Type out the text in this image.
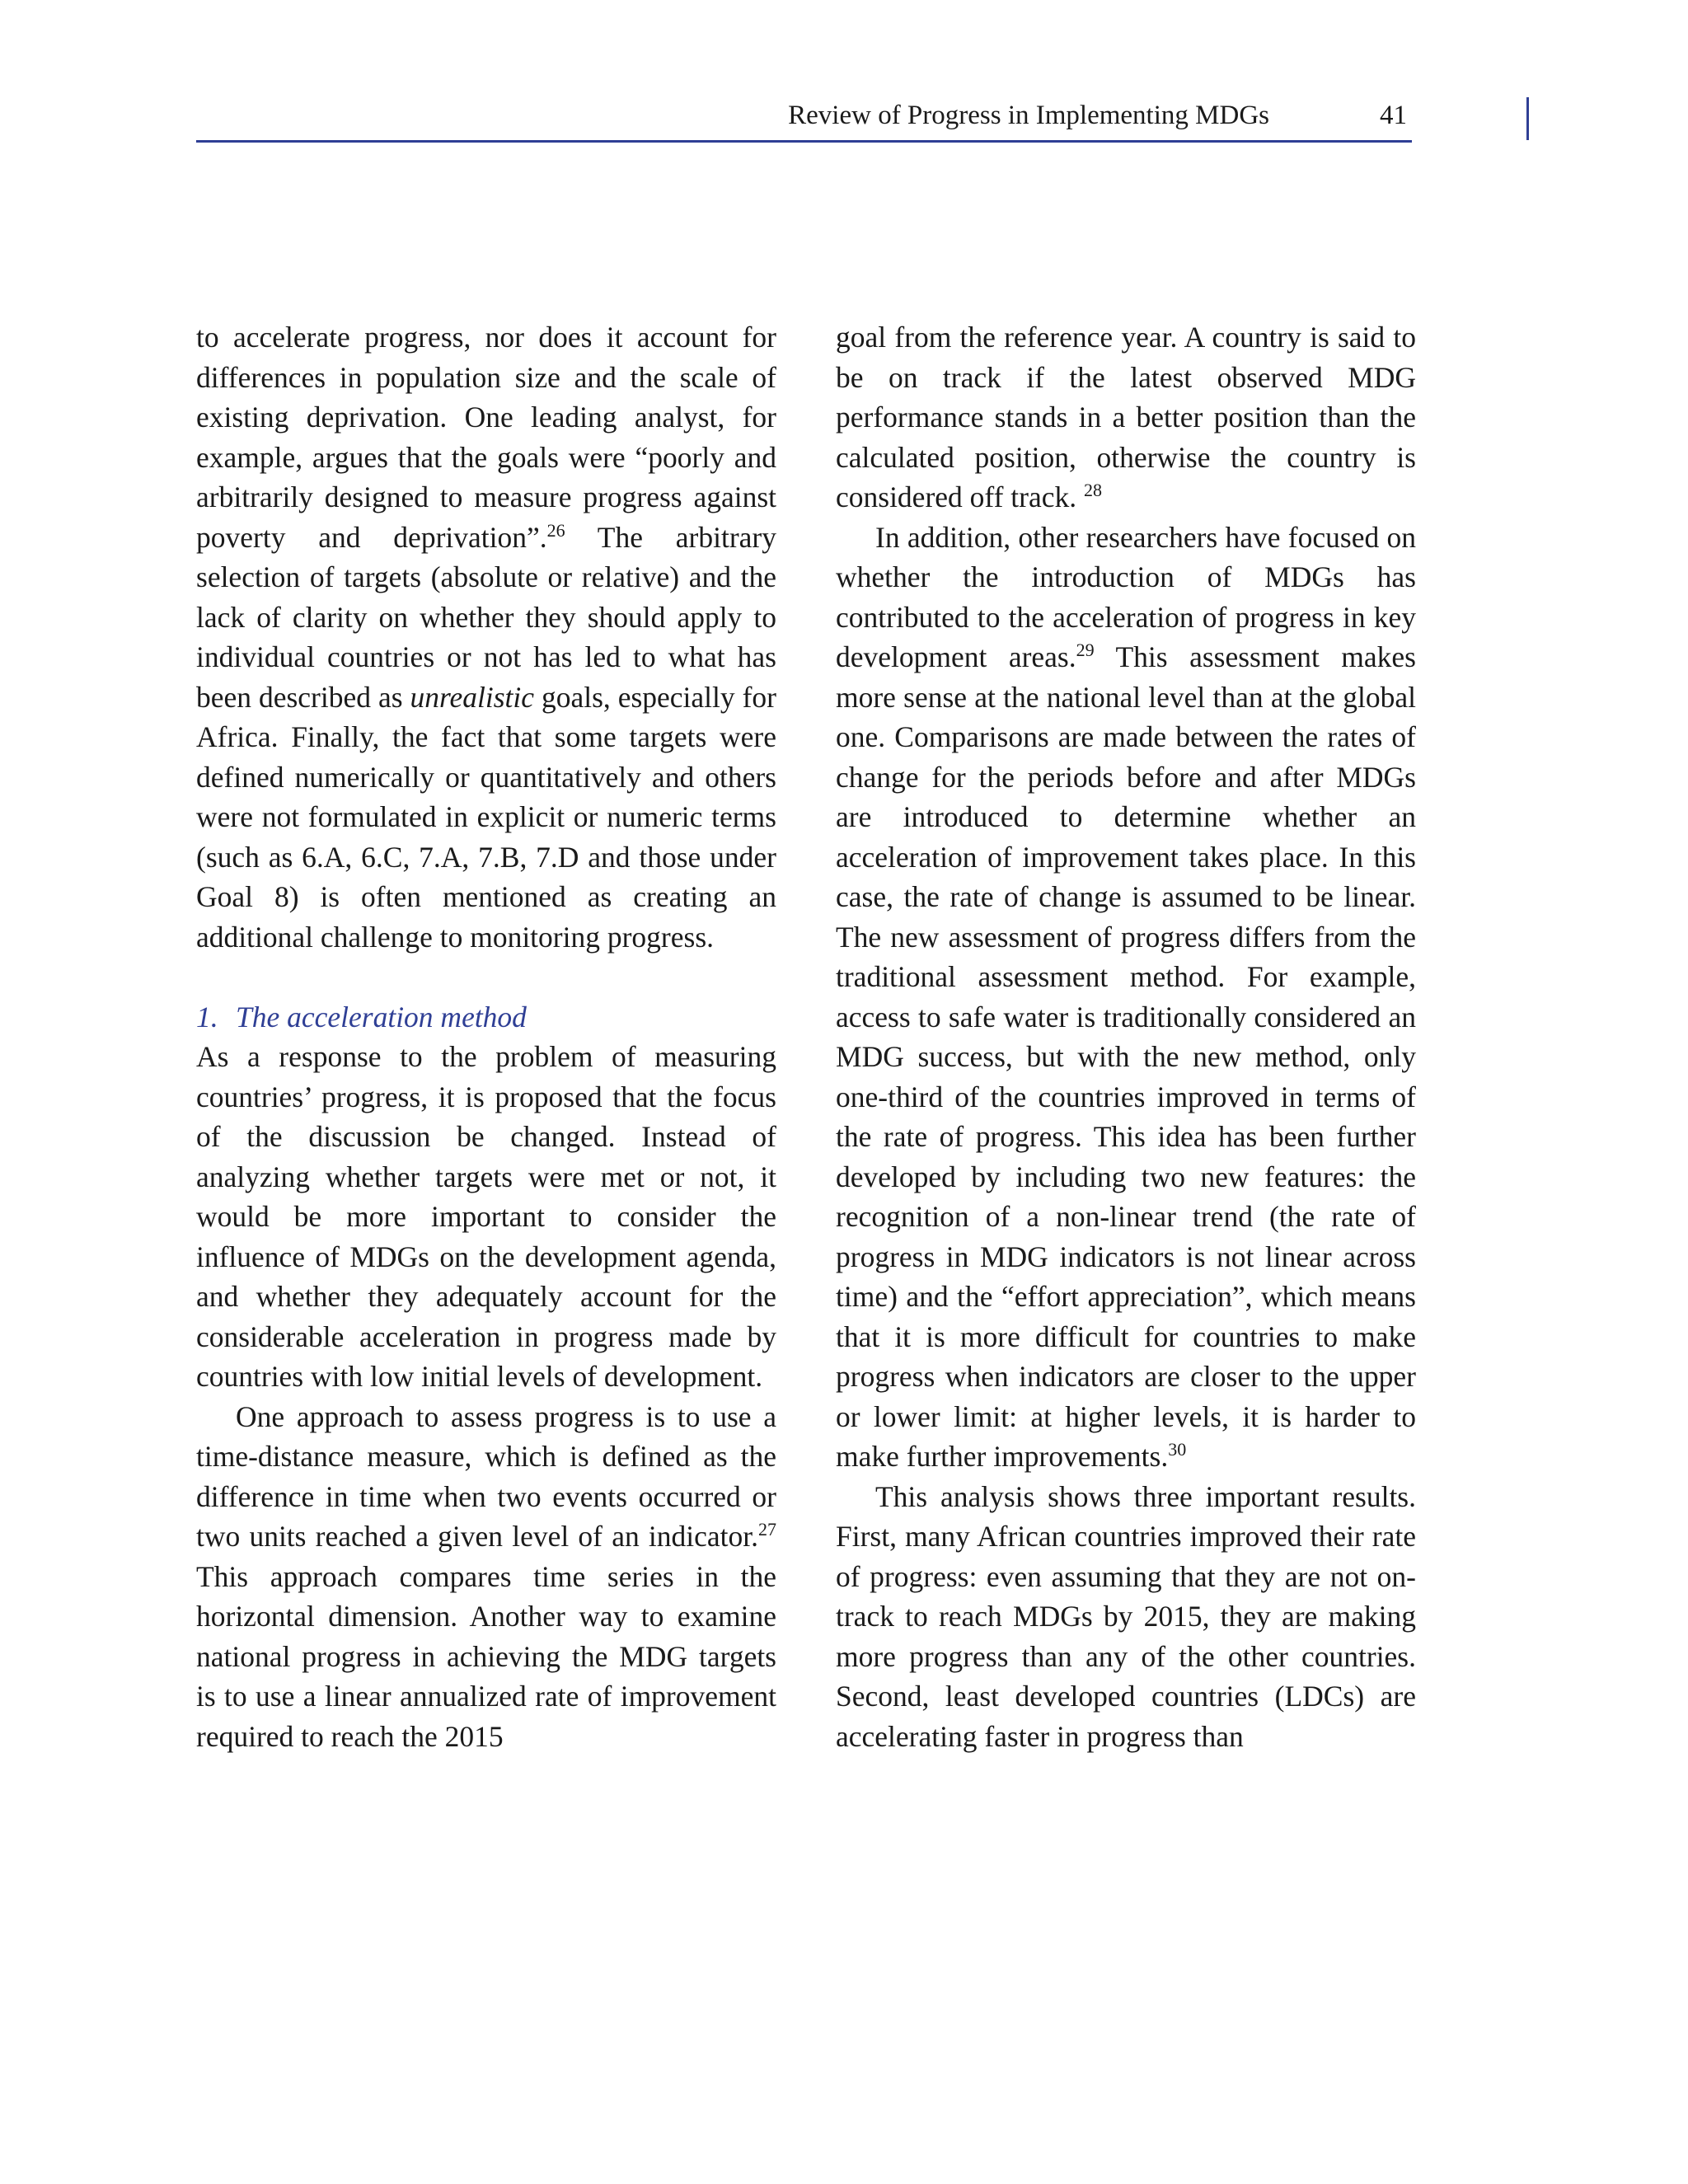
Review of Progress in Implementing MDGs	41

to accelerate progress, nor does it account for differences in population size and the scale of existing deprivation. One leading analyst, for example, argues that the goals were “poorly and arbitrarily designed to measure progress against poverty and deprivation”.$^{26}$ The arbitrary selection of targets (absolute or relative) and the lack of clarity on whether they should apply to individual countries or not has led to what has been described as unrealistic goals, especially for Africa. Finally, the fact that some targets were defined numerically or quantitatively and others were not formulated in explicit or numeric terms (such as 6.A, 6.C, 7.A, 7.B, 7.D and those under Goal 8) is often mentioned as creating an additional challenge to monitoring progress.

1. The acceleration method

As a response to the problem of measuring countries’ progress, it is proposed that the focus of the discussion be changed. Instead of analyzing whether targets were met or not, it would be more important to consider the influence of MDGs on the development agenda, and whether they adequately account for the considerable acceleration in progress made by countries with low initial levels of development.

One approach to assess progress is to use a time-distance measure, which is defined as the difference in time when two events occurred or two units reached a given level of an indicator.$^{27}$ This approach compares time series in the horizontal dimension. Another way to examine national progress in achieving the MDG targets is to use a linear annualized rate of improvement required to reach the 2015

goal from the reference year. A country is said to be on track if the latest observed MDG performance stands in a better position than the calculated position, otherwise the country is considered off track. $^{28}$

In addition, other researchers have focused on whether the introduction of MDGs has contributed to the acceleration of progress in key development areas.$^{29}$ This assessment makes more sense at the national level than at the global one. Comparisons are made between the rates of change for the periods before and after MDGs are introduced to determine whether an acceleration of improvement takes place. In this case, the rate of change is assumed to be linear. The new assessment of progress differs from the traditional assessment method. For example, access to safe water is traditionally considered an MDG success, but with the new method, only one-third of the countries improved in terms of the rate of progress. This idea has been further developed by including two new features: the recognition of a non-linear trend (the rate of progress in MDG indicators is not linear across time) and the “effort appreciation”, which means that it is more difficult for countries to make progress when indicators are closer to the upper or lower limit: at higher levels, it is harder to make further improvements.$^{30}$

This analysis shows three important results. First, many African countries improved their rate of progress: even assuming that they are not on-track to reach MDGs by 2015, they are making more progress than any of the other countries. Second, least developed countries (LDCs) are accelerating faster in progress than
